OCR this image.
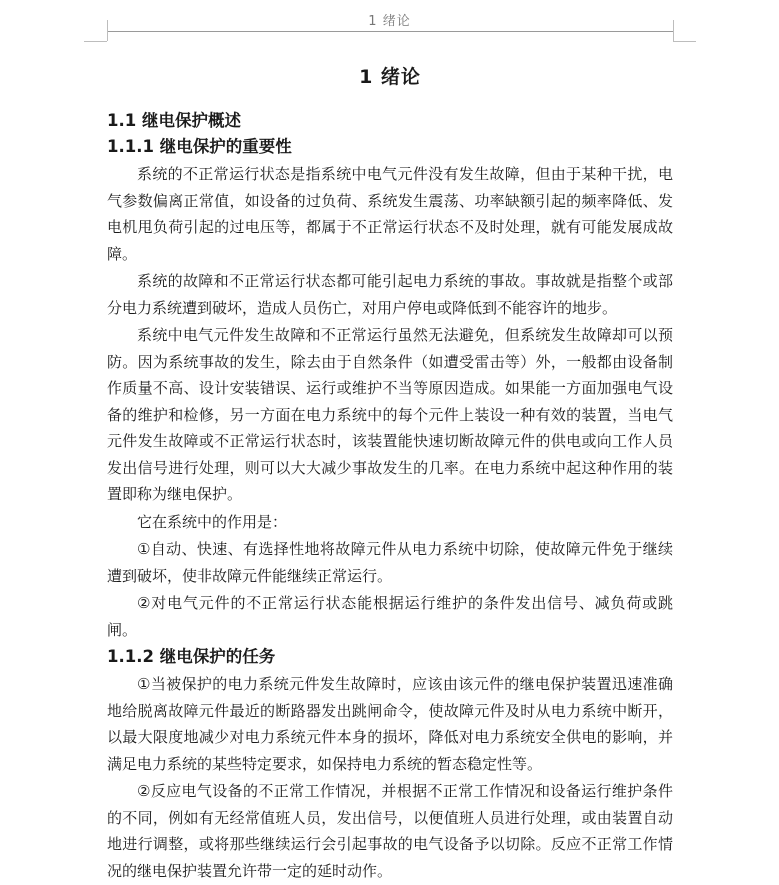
1 绪论
1 绪论
1.1 继电保护概述
1.1.1 继电保护的重要性

系统的不正常运行状态是指系统中电气元件没有发生故障，但由于某种干扰，电气参数偏离正常值，如设备的过负荷、系统发生震荡、功率缺额引起的频率降低、发电机甩负荷引起的过电压等，都属于不正常运行状态不及时处理，就有可能发展成故障。

系统的故障和不正常运行状态都可能引起电力系统的事故。事故就是指整个或部分电力系统遭到破坏，造成人员伤亡，对用户停电或降低到不能容许的地步。

系统中电气元件发生故障和不正常运行虽然无法避免，但系统发生故障却可以预防。因为系统事故的发生，除去由于自然条件（如遭受雷击等）外，一般都由设备制作质量不高、设计安装错误、运行或维护不当等原因造成。如果能一方面加强电气设备的维护和检修，另一方面在电力系统中的每个元件上装设一种有效的装置，当电气元件发生故障或不正常运行状态时，该装置能快速切断故障元件的供电或向工作人员发出信号进行处理，则可以大大减少事故发生的几率。在电力系统中起这种作用的装置即称为继电保护。

它在系统中的作用是：

①自动、快速、有选择性地将故障元件从电力系统中切除，使故障元件免于继续遭到破坏，使非故障元件能继续正常运行。

②对电气元件的不正常运行状态能根据运行维护的条件发出信号、减负荷或跳闸。

1.1.2 继电保护的任务

①当被保护的电力系统元件发生故障时，应该由该元件的继电保护装置迅速准确地给脱离故障元件最近的断路器发出跳闸命令，使故障元件及时从电力系统中断开，以最大限度地减少对电力系统元件本身的损坏，降低对电力系统安全供电的影响，并满足电力系统的某些特定要求，如保持电力系统的暂态稳定性等。

②反应电气设备的不正常工作情况，并根据不正常工作情况和设备运行维护条件的不同，例如有无经常值班人员，发出信号，以便值班人员进行处理，或由装置自动地进行调整，或将那些继续运行会引起事故的电气设备予以切除。反应不正常工作情况的继电保护装置允许带一定的延时动作。
